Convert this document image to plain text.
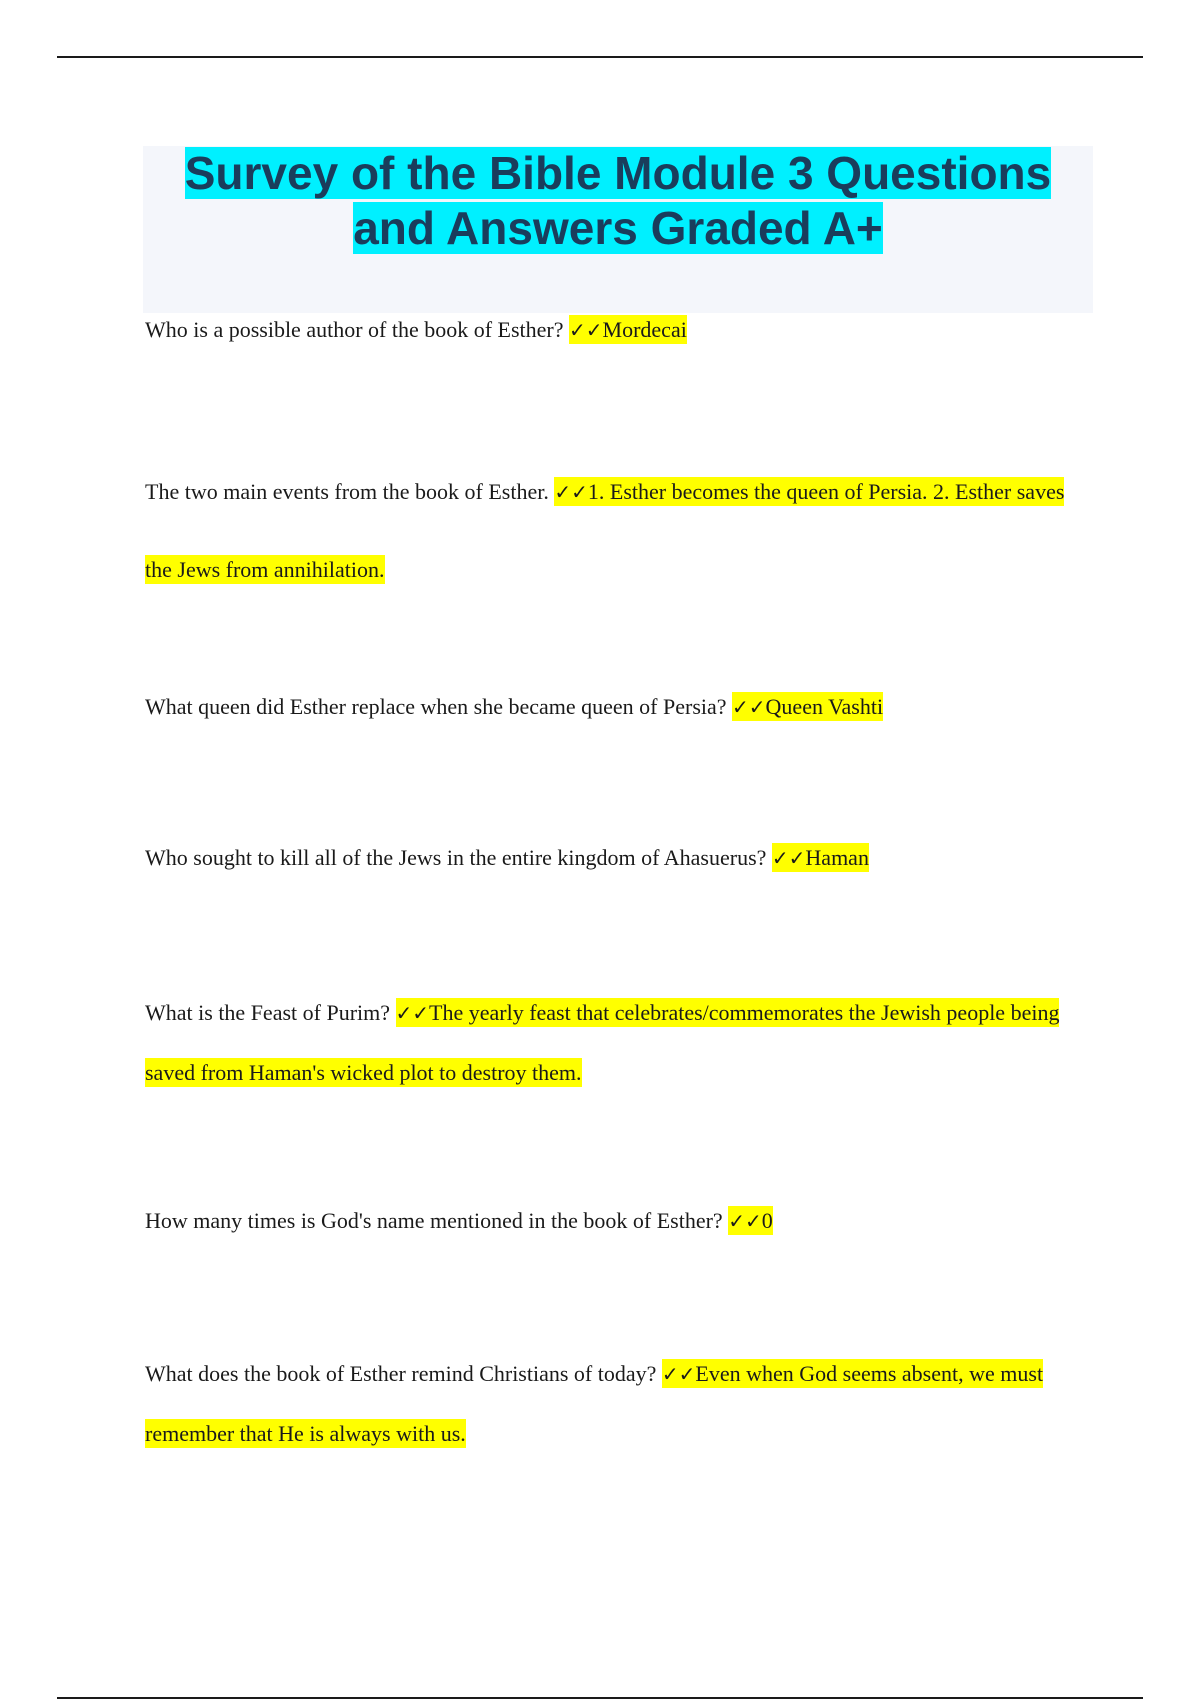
Survey of the Bible Module 3 Questions
and Answers Graded A+

Who is a possible author of the book of Esther? ✓✓Mordecai

The two main events from the book of Esther. ✓✓1. Esther becomes the queen of Persia. 2. Esther saves the Jews from annihilation.

What queen did Esther replace when she became queen of Persia? ✓✓Queen Vashti

Who sought to kill all of the Jews in the entire kingdom of Ahasuerus? ✓✓Haman

What is the Feast of Purim? ✓✓The yearly feast that celebrates/commemorates the Jewish people being saved from Haman's wicked plot to destroy them.

How many times is God's name mentioned in the book of Esther? ✓✓0

What does the book of Esther remind Christians of today? ✓✓Even when God seems absent, we must remember that He is always with us.
